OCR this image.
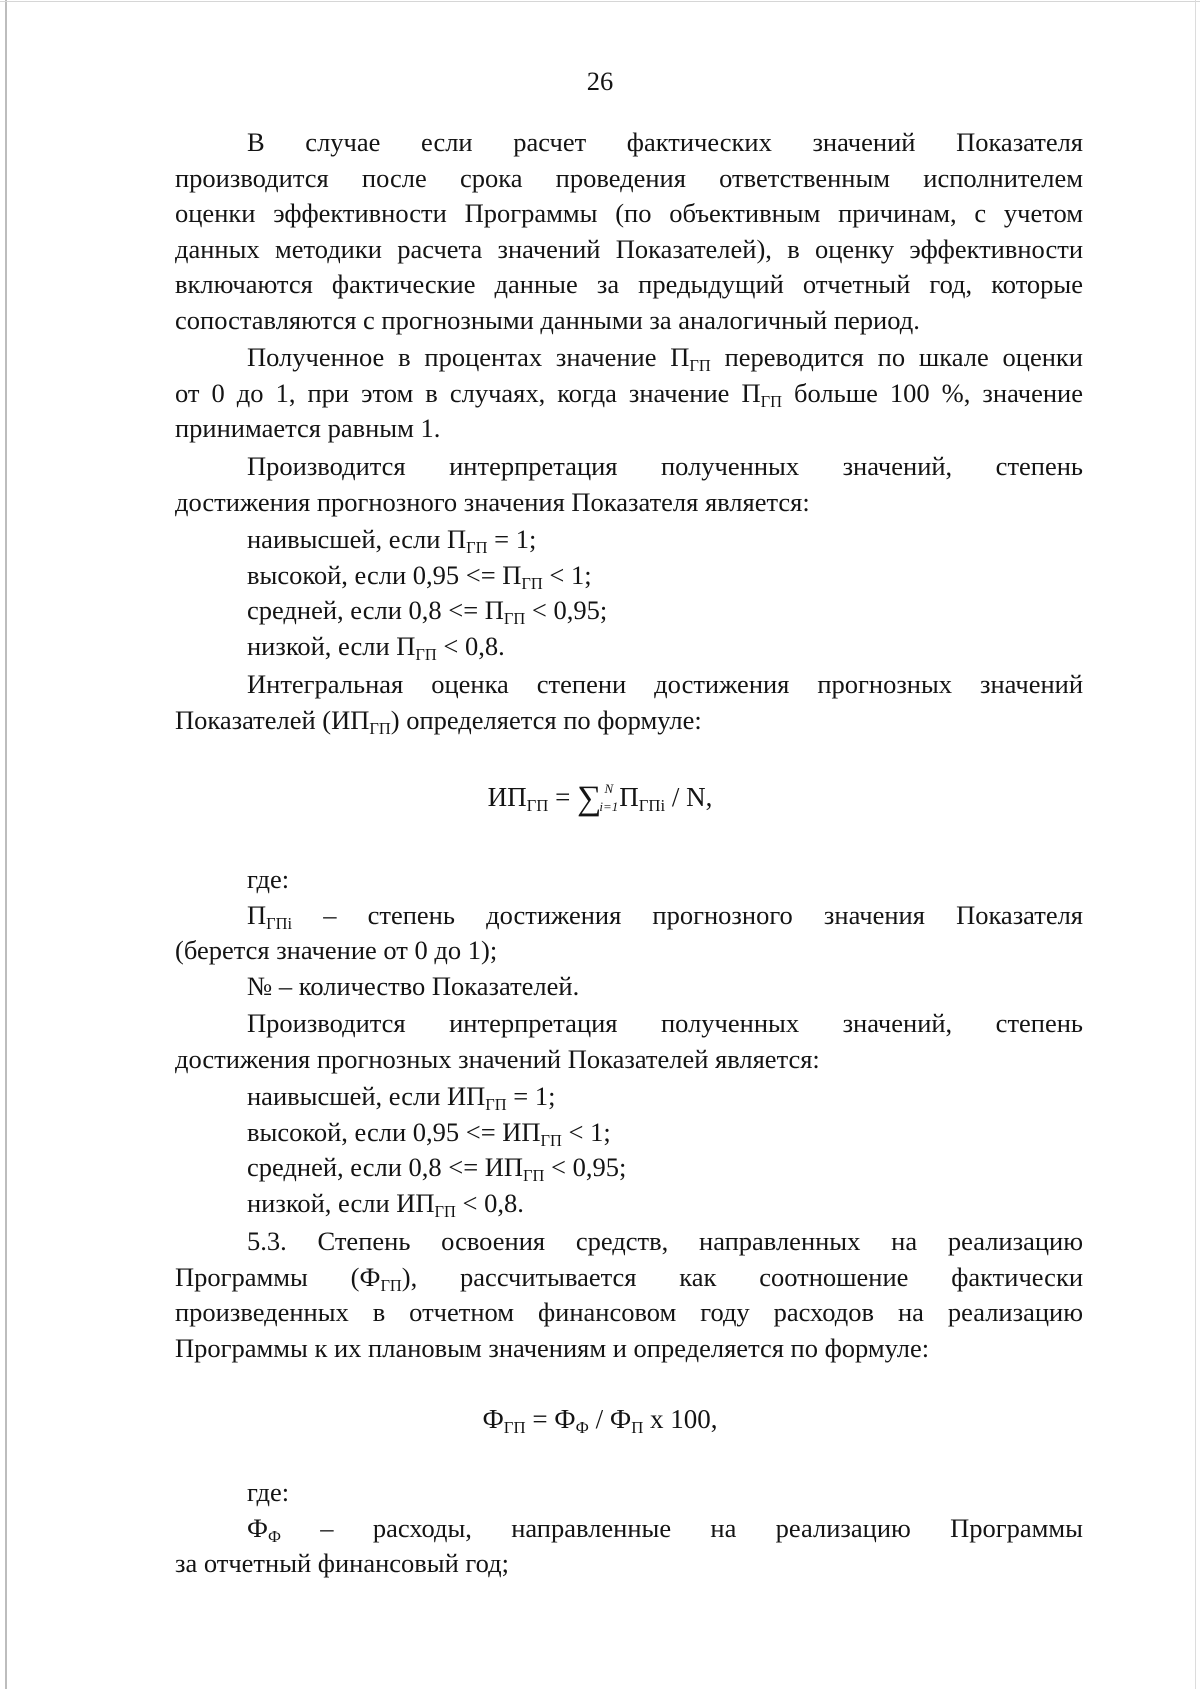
26

В случае если расчет фактических значений Показателя

производится после срока проведения ответственным исполнителем

оценки эффективности Программы (по объективным причинам, с учетом

данных методики расчета значений Показателей), в оценку эффективности

включаются фактические данные за предыдущий отчетный год, которые

сопоставляются с прогнозными данными за аналогичный период.

Полученное в процентах значение $П_{ГП}$ переводится по шкале оценки

от 0 до 1, при этом в случаях, когда значение $П_{ГП}$ больше 100 %, значение

принимается равным 1.

Производится интерпретация полученных значений, степень

достижения прогнозного значения Показателя является:

наивысшей, если $П_{ГП} = 1$;

высокой, если $0,95 <= П_{ГП} < 1$;

средней, если $0,8 <= П_{ГП} < 0,95$;

низкой, если $П_{ГП} < 0,8$.

Интегральная оценка степени достижения прогнозных значений

Показателей $(ИП_{ГП})$ определяется по формуле:

$ИП_{ГП}$ = ∑ N
i=1 $П_{ГПi}$ / N,

где:

$П_{ГПi}$ – степень достижения прогнозного значения Показателя

(берется значение от 0 до 1);

№ – количество Показателей.

Производится интерпретация полученных значений, степень

достижения прогнозных значений Показателей является:

наивысшей, если $ИП_{ГП} = 1$;

высокой, если $0,95 <= ИП_{ГП} < 1$;

средней, если $0,8 <= ИП_{ГП} < 0,95$;

низкой, если $ИП_{ГП} < 0,8$.

5.3. Степень освоения средств, направленных на реализацию

Программы $(Ф_{ГП})$, рассчитывается как соотношение фактически

произведенных в отчетном финансовом году расходов на реализацию

Программы к их плановым значениям и определяется по формуле:

$Ф_{ГП} = Ф_Ф / Ф_П$ x 100,

где:

$Ф_Ф$ – расходы, направленные на реализацию Программы

за отчетный финансовый год;
